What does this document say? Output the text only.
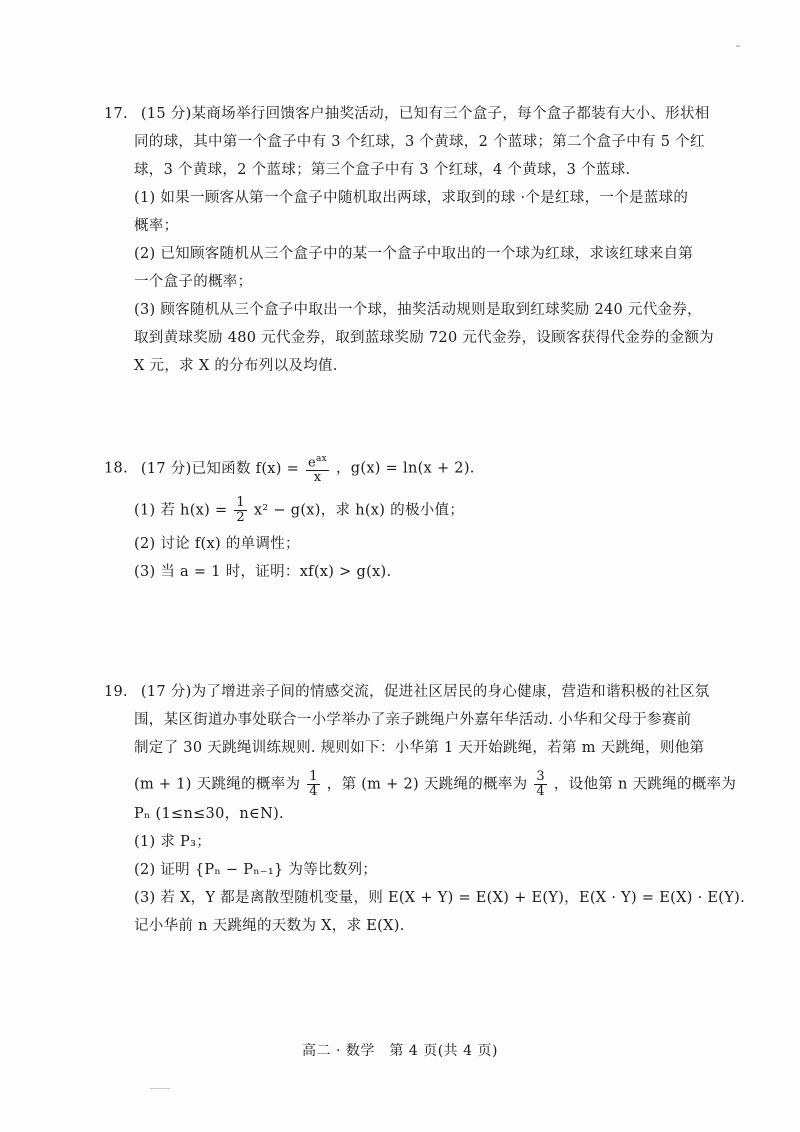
17. (15 分)某商场举行回馈客户抽奖活动，已知有三个盒子，每个盒子都装有大小、形状相
同的球，其中第一个盒子中有 3 个红球，3 个黄球，2 个蓝球；第二个盒子中有 5 个红
球，3 个黄球，2 个蓝球；第三个盒子中有 3 个红球，4 个黄球，3 个蓝球.
(1) 如果一顾客从第一个盒子中随机取出两球，求取到的球 ·个是红球，一个是蓝球的
概率；
(2) 已知顾客随机从三个盒子中的某一个盒子中取出的一个球为红球，求该红球来自第
一个盒子的概率；
(3) 顾客随机从三个盒子中取出一个球，抽奖活动规则是取到红球奖励 240 元代金券，
取到黄球奖励 480 元代金券，取到蓝球奖励 720 元代金券，设顾客获得代金券的金额为
X 元，求 X 的分布列以及均值.
18. (17 分)已知函数 $f(x) = \frac{e^{ax}}{x}$ ，g(x) = ln(x + 2).
(1) 若 $h(x) = \frac{1}{2} x^2 - g(x)$，求 h(x) 的极小值；
(2) 讨论 f(x) 的单调性；
(3) 当 a = 1 时，证明：xf(x) > g(x).
19. (17 分)为了增进亲子间的情感交流，促进社区居民的身心健康，营造和谐积极的社区氛
围，某区街道办事处联合一小学举办了亲子跳绳户外嘉年华活动. 小华和父母于参赛前
制定了 30 天跳绳训练规则. 规则如下：小华第 1 天开始跳绳，若第 m 天跳绳，则他第
(m + 1) 天跳绳的概率为 $\frac{1}{4}$ ，第 (m + 2) 天跳绳的概率为 $\frac{3}{4}$ ，设他第 n 天跳绳的概率为
Pₙ (1≤n≤30，n∈N).
(1) 求 P₃；
(2) 证明 {Pₙ − Pₙ₋₁} 为等比数列；
(3) 若 X，Y 都是离散型随机变量，则 E(X + Y) = E(X) + E(Y)，E(X · Y) = E(X) · E(Y).
记小华前 n 天跳绳的天数为 X，求 E(X).
高二 · 数学　第 4 页(共 4 页)
